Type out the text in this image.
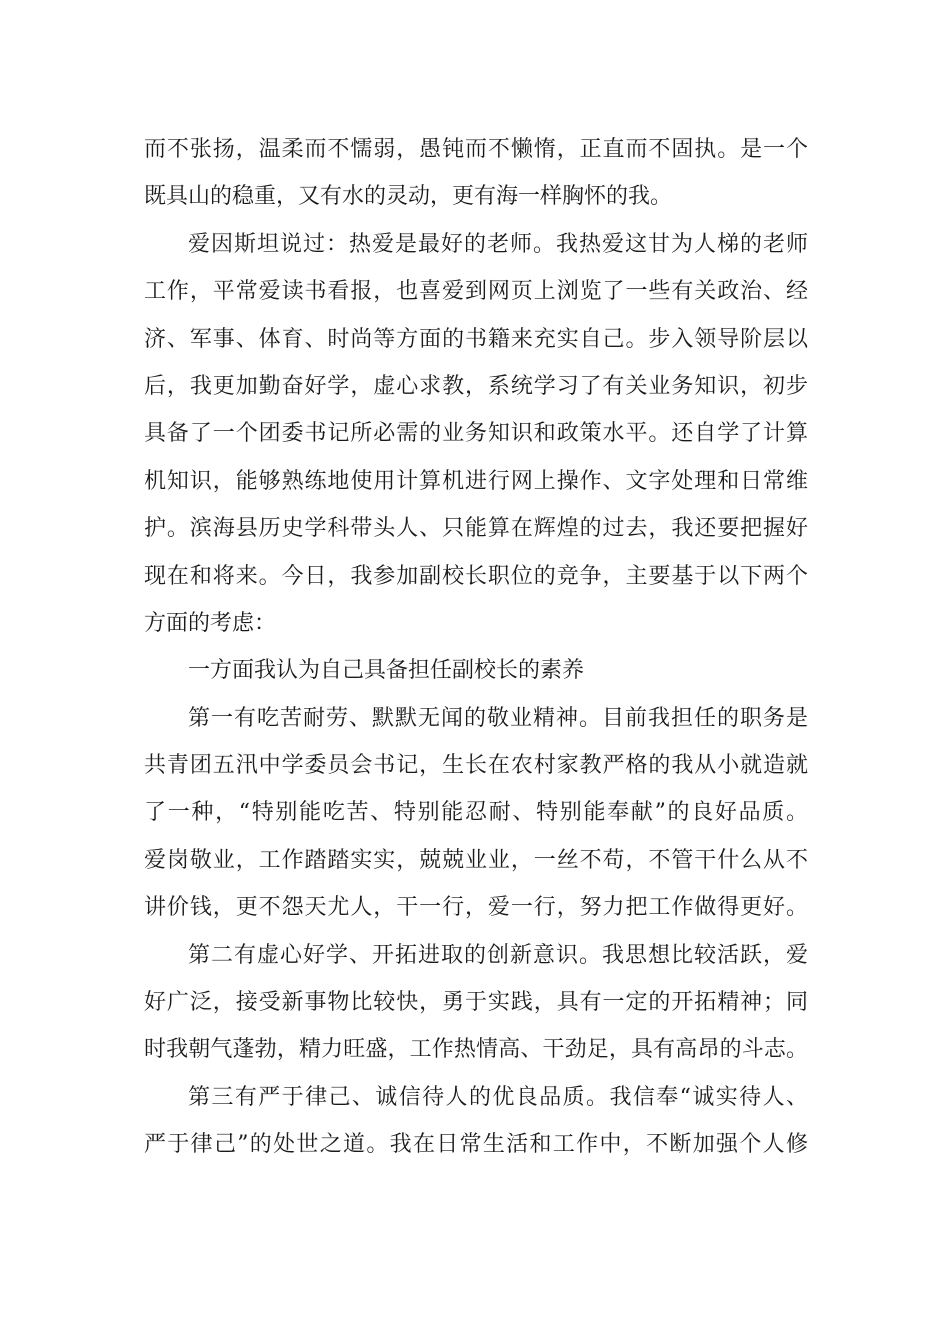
而不张扬，温柔而不懦弱，愚钝而不懒惰，正直而不固执。是一个
既具山的稳重，又有水的灵动，更有海一样胸怀的我。
爱因斯坦说过：热爱是最好的老师。我热爱这甘为人梯的老师
工作，平常爱读书看报，也喜爱到网页上浏览了一些有关政治、经
济、军事、体育、时尚等方面的书籍来充实自己。步入领导阶层以
后，我更加勤奋好学，虚心求教，系统学习了有关业务知识，初步
具备了一个团委书记所必需的业务知识和政策水平。还自学了计算
机知识，能够熟练地使用计算机进行网上操作、文字处理和日常维
护。滨海县历史学科带头人、只能算在辉煌的过去，我还要把握好
现在和将来。今日，我参加副校长职位的竞争，主要基于以下两个
方面的考虑：
一方面我认为自己具备担任副校长的素养
第一有吃苦耐劳、默默无闻的敬业精神。目前我担任的职务是
共青团五汛中学委员会书记，生长在农村家教严格的我从小就造就
了一种，“特别能吃苦、特别能忍耐、特别能奉献”的良好品质。
爱岗敬业，工作踏踏实实，兢兢业业，一丝不苟，不管干什么从不
讲价钱，更不怨天尤人，干一行，爱一行，努力把工作做得更好。
第二有虚心好学、开拓进取的创新意识。我思想比较活跃，爱
好广泛，接受新事物比较快，勇于实践，具有一定的开拓精神；同
时我朝气蓬勃，精力旺盛，工作热情高、干劲足，具有高昂的斗志。
第三有严于律己、诚信待人的优良品质。我信奉“诚实待人、
严于律己”的处世之道。我在日常生活和工作中，不断加强个人修
